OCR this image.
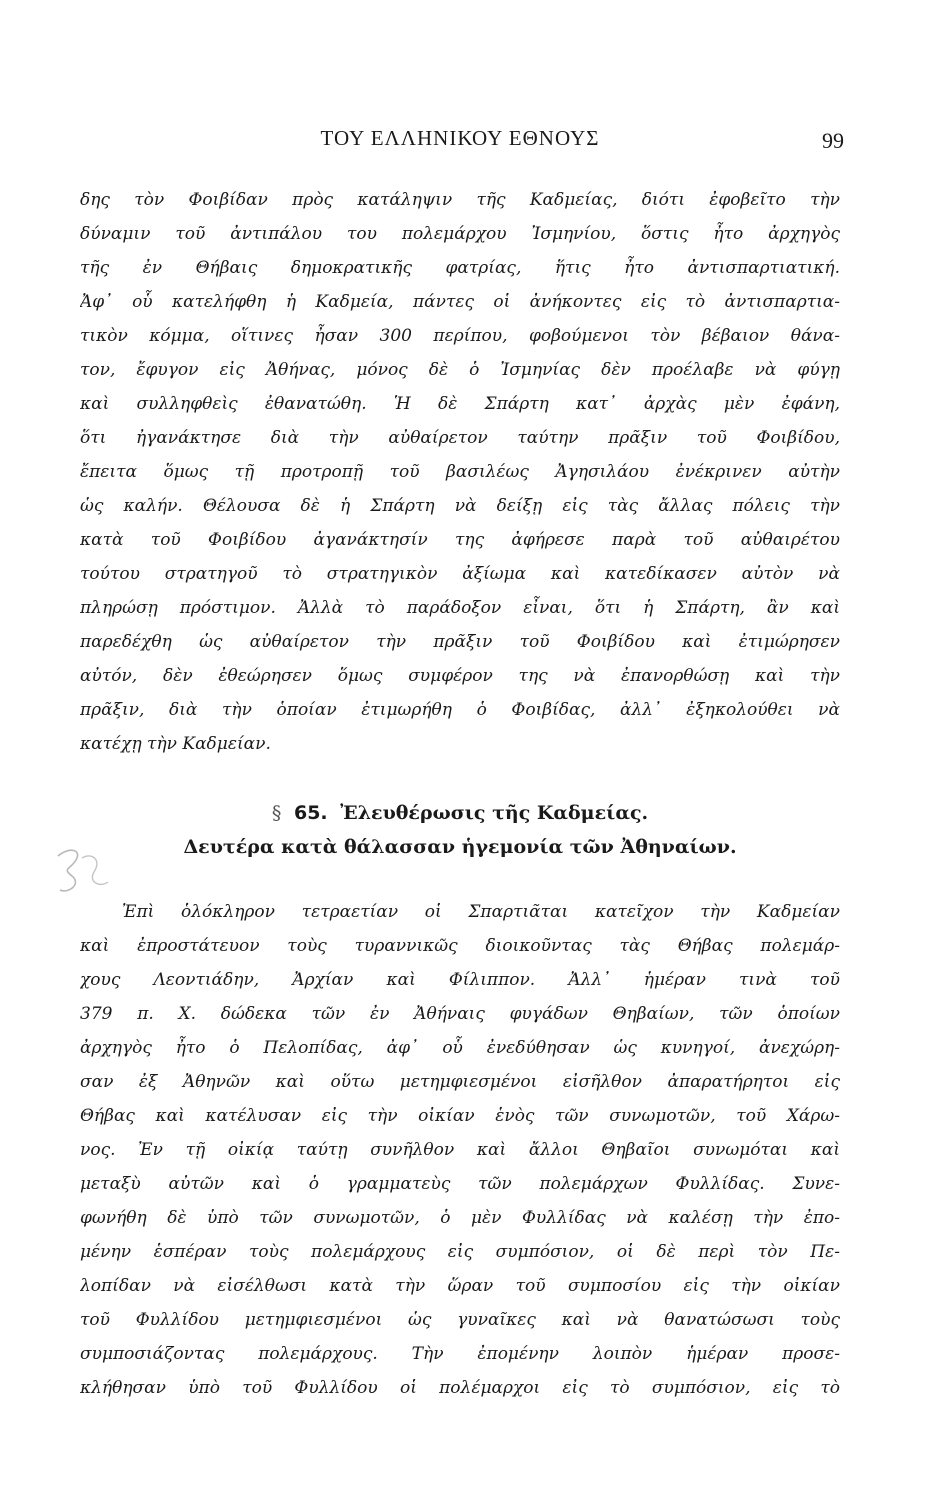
ΤΟΥ ΕΛΛΗΝΙΚΟΥ ΕΘΝΟΥΣ	99
δης τὸν Φοιβίδαν πρὸς κατάληψιν τῆς Καδμείας, διότι ἐφοβεῖτο τὴν
δύναμιν τοῦ ἀντιπάλου του πολεμάρχου Ἰσμηνίου, ὅστις ἦτο ἀρχηγὸς
τῆς ἐν Θήβαις δημοκρατικῆς φατρίας, ἥτις ἦτο ἀντισπαρτιατική.
Ἀφ᾽ οὗ κατελήφθη ἡ Καδμεία, πάντες οἱ ἀνήκοντες εἰς τὸ ἀντισπαρτια-
τικὸν κόμμα, οἵτινες ἦσαν 300 περίπου, φοβούμενοι τὸν βέβαιον θάνα-
τον, ἔφυγον εἰς Ἀθήνας, μόνος δὲ ὁ Ἰσμηνίας δὲν προέλαβε νὰ φύγῃ
καὶ συλληφθεὶς ἐθανατώθη. Ἡ δὲ Σπάρτη κατ᾽ ἀρχὰς μὲν ἐφάνη,
ὅτι ἠγανάκτησε διὰ τὴν αὐθαίρετον ταύτην πρᾶξιν τοῦ Φοιβίδου,
ἔπειτα ὅμως τῇ προτροπῇ τοῦ βασιλέως Ἀγησιλάου ἐνέκρινεν αὐτὴν
ὡς καλήν. Θέλουσα δὲ ἡ Σπάρτη νὰ δείξῃ εἰς τὰς ἄλλας πόλεις τὴν
κατὰ τοῦ Φοιβίδου ἀγανάκτησίν της ἀφήρεσε παρὰ τοῦ αὐθαιρέτου
τούτου στρατηγοῦ τὸ στρατηγικὸν ἀξίωμα καὶ κατεδίκασεν αὐτὸν νὰ
πληρώσῃ πρόστιμον. Ἀλλὰ τὸ παράδοξον εἶναι, ὅτι ἡ Σπάρτη, ἂν καὶ
παρεδέχθη ὡς αὐθαίρετον τὴν πρᾶξιν τοῦ Φοιβίδου καὶ ἐτιμώρησεν
αὐτόν, δὲν ἐθεώρησεν ὅμως συμφέρον της νὰ ἐπανορθώσῃ καὶ τὴν
πρᾶξιν, διὰ τὴν ὁποίαν ἐτιμωρήθη ὁ Φοιβίδας, ἀλλ᾽ ἐξηκολούθει νὰ
κατέχῃ τὴν Καδμείαν.
§ 65. Ἐλευθέρωσις τῆς Καδμείας.
Δευτέρα κατὰ θάλασσαν ἡγεμονία τῶν Ἀθηναίων.
Ἐπὶ ὁλόκληρον τετραετίαν οἱ Σπαρτιᾶται κατεῖχον τὴν Καδμείαν
καὶ ἐπροστάτευον τοὺς τυραννικῶς διοικοῦντας τὰς Θήβας πολεμάρ-
χους Λεοντιάδην, Ἀρχίαν καὶ Φίλιππον. Ἀλλ᾽ ἡμέραν τινὰ τοῦ
379 π. Χ. δώδεκα τῶν ἐν Ἀθήναις φυγάδων Θηβαίων, τῶν ὁποίων
ἀρχηγὸς ἦτο ὁ Πελοπίδας, ἀφ᾽ οὗ ἐνεδύθησαν ὡς κυνηγοί, ἀνεχώρη-
σαν ἐξ Ἀθηνῶν καὶ οὕτω μετημφιεσμένοι εἰσῆλθον ἀπαρατήρητοι εἰς
Θήβας καὶ κατέλυσαν εἰς τὴν οἰκίαν ἑνὸς τῶν συνωμοτῶν, τοῦ Χάρω-
νος. Ἐν τῇ οἰκίᾳ ταύτῃ συνῆλθον καὶ ἄλλοι Θηβαῖοι συνωμόται καὶ
μεταξὺ αὐτῶν καὶ ὁ γραμματεὺς τῶν πολεμάρχων Φυλλίδας. Συνε-
φωνήθη δὲ ὑπὸ τῶν συνωμοτῶν, ὁ μὲν Φυλλίδας νὰ καλέσῃ τὴν ἐπο-
μένην ἑσπέραν τοὺς πολεμάρχους εἰς συμπόσιον, οἱ δὲ περὶ τὸν Πε-
λοπίδαν νὰ εἰσέλθωσι κατὰ τὴν ὥραν τοῦ συμποσίου εἰς τὴν οἰκίαν
τοῦ Φυλλίδου μετημφιεσμένοι ὡς γυναῖκες καὶ νὰ θανατώσωσι τοὺς
συμποσιάζοντας πολεμάρχους. Τὴν ἐπομένην λοιπὸν ἡμέραν προσε-
κλήθησαν ὑπὸ τοῦ Φυλλίδου οἱ πολέμαρχοι εἰς τὸ συμπόσιον, εἰς τὸ
